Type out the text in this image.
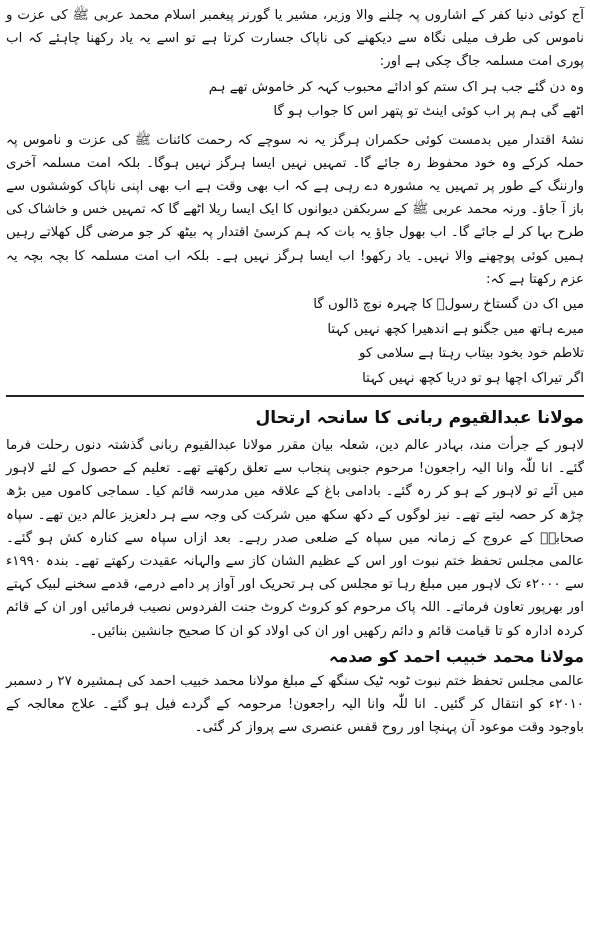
آج کوئی دنیا کفر کے اشاروں پہ چلنے والا وزیر، مشیر یا گورنر پیغمبر اسلام محمد عربی ﷺ کی عزت و ناموس کی طرف میلی نگاہ سے دیکھنے کی ناپاک جسارت کرتا ہے تو اسے یہ یاد رکھنا چاہئے کہ اب پوری امت مسلمہ جاگ چکی ہے اور:

وہ دن گئے جب ہر اک ستم کو ادائے محبوب کہہ کر خاموش تھے ہم
اٹھے گی ہم پر اب کوئی اینٹ تو پتھر اس کا جواب ہو گا

نشۂ اقتدار میں بدمست کوئی حکمران ہرگز یہ نہ سوچے کہ رحمت کائنات ﷺ کی عزت و ناموس پہ حملہ کرکے وہ خود محفوظ رہ جائے گا۔ تمہیں نہیں ایسا ہرگز نہیں ہوگا۔ بلکہ امت مسلمہ آخری وارننگ کے طور پر تمہیں یہ مشورہ دے رہی ہے کہ اب بھی وقت ہے اب بھی اپنی ناپاک کوششوں سے باز آ جاؤ۔ ورنہ محمد عربی ﷺ کے سربکفن دیوانوں کا ایک ایسا ریلا اٹھے گا کہ تمہیں خس و خاشاک کی طرح بہا کر لے جائے گا۔ اب بھول جاؤ یہ بات کہ ہم کرسیٔ اقتدار پہ بیٹھ کر جو مرضی گل کھلاتے رہیں ہمیں کوئی پوچھنے والا نہیں۔ یاد رکھو! اب ایسا ہرگز نہیں ہے۔ بلکہ اب امت مسلمہ کا بچہ بچہ یہ عزم رکھتا ہے کہ:

میں اک دن گستاخ رسولؐ کا چہرہ نوچ ڈالوں گا
میرے ہاتھ میں جگنو ہے اندھیرا کچھ نہیں کہتا
تلاطم خود بخود بیتاب رہتا ہے سلامی کو
اگر تیراک اچھا ہو تو دریا کچھ نہیں کہتا
مولانا عبدالقیوم ربانی کا سانحہ ارتحال

لاہور کے جرأت مند، بہادر عالم دین، شعلہ بیان مقرر مولانا عبدالقیوم ربانی گذشتہ دنوں رحلت فرما گئے۔ انا للّٰہ وانا الیہ راجعون! مرحوم جنوبی پنجاب سے تعلق رکھتے تھے۔ تعلیم کے حصول کے لئے لاہور میں آئے تو لاہور کے ہو کر رہ گئے۔ بادامی باغ کے علاقہ میں مدرسہ قائم کیا۔ سماجی کاموں میں بڑھ چڑھ کر حصہ لیتے تھے۔ نیز لوگوں کے دکھ سکھ میں شرکت کی وجہ سے ہر دلعزیز عالم دین تھے۔ سپاہ صحابہؓ کے عروج کے زمانہ میں سپاہ کے ضلعی صدر رہے۔ بعد ازاں سپاہ سے کنارہ کش ہو گئے۔ عالمی مجلس تحفظ ختم نبوت اور اس کے عظیم الشان کاز سے والہانہ عقیدت رکھتے تھے۔ بندہ ۱۹۹۰ء سے ۲۰۰۰ء تک لاہور میں مبلغ رہا تو مجلس کی ہر تحریک اور آواز پر دامے درمے، قدمے سخنے لبیک کہتے اور بھرپور تعاون فرماتے۔ اللہ پاک مرحوم کو کروٹ کروٹ جنت الفردوس نصیب فرمائیں اور ان کے قائم کردہ ادارہ کو تا قیامت قائم و دائم رکھیں اور ان کی اولاد کو ان کا صحیح جانشین بنائیں۔

مولانا محمد خبیب احمد کو صدمہ

عالمی مجلس تحفظ ختم نبوت ٹوبہ ٹیک سنگھ کے مبلغ مولانا محمد خبیب احمد کی ہمشیرہ ۲۷ ر دسمبر ۲۰۱۰ء کو انتقال کر گئیں۔ انا للّٰہ وانا الیہ راجعون! مرحومہ کے گردے فیل ہو گئے۔ علاج معالجہ کے باوجود وقت موعود آن پہنچا اور روح قفس عنصری سے پرواز کر گئی۔
